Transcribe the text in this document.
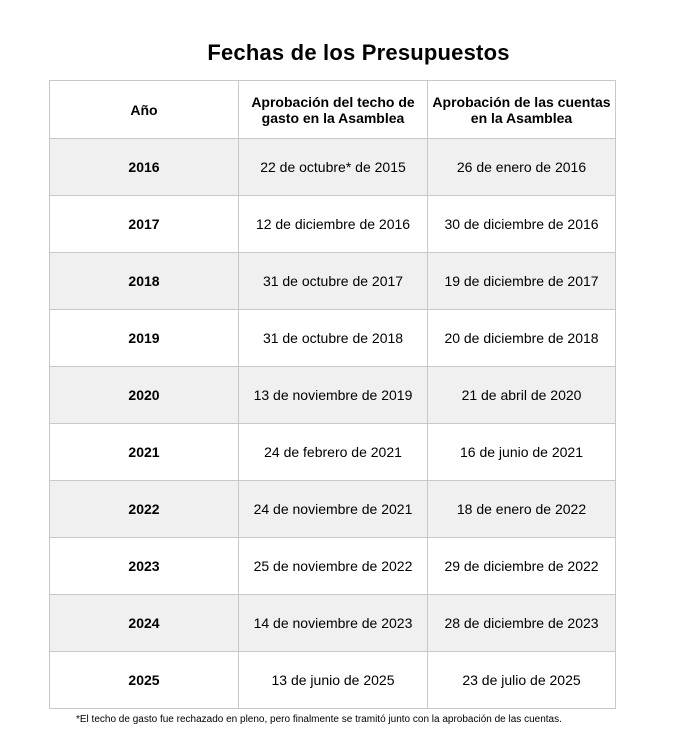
Fechas de los Presupuestos
Año	Aprobación del techo de gasto en la Asamblea	Aprobación de las cuentas en la Asamblea
2016	22 de octubre* de 2015	26 de enero de 2016
2017	12 de diciembre de 2016	30 de diciembre de 2016
2018	31 de octubre de 2017	19 de diciembre de 2017
2019	31 de octubre de 2018	20 de diciembre de 2018
2020	13 de noviembre de 2019	21 de abril de 2020
2021	24 de febrero de 2021	16 de junio de 2021
2022	24 de noviembre de 2021	18 de enero de 2022
2023	25 de noviembre de 2022	29 de diciembre de 2022
2024	14 de noviembre de 2023	28 de diciembre de 2023
2025	13 de junio de 2025	23 de julio de 2025
*El techo de gasto fue rechazado en pleno, pero finalmente se tramitó junto con la aprobación de las cuentas.
